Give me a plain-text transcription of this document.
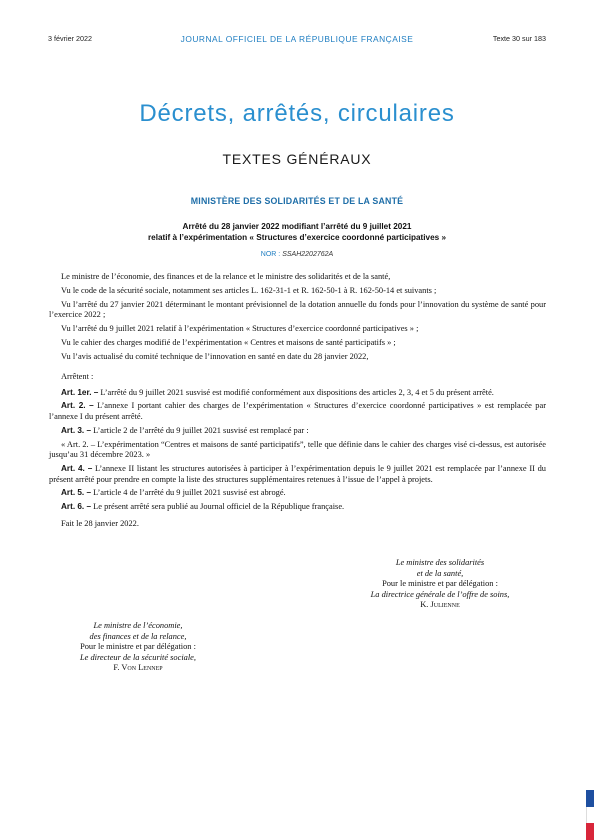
3 février 2022	JOURNAL OFFICIEL DE LA RÉPUBLIQUE FRANÇAISE	Texte 30 sur 183
Décrets, arrêtés, circulaires
TEXTES GÉNÉRAUX
MINISTÈRE DES SOLIDARITÉS ET DE LA SANTÉ
Arrêté du 28 janvier 2022 modifiant l’arrêté du 9 juillet 2021
relatif à l’expérimentation « Structures d’exercice coordonné participatives »
NOR : SSAH2202762A

Le ministre de l’économie, des finances et de la relance et le ministre des solidarités et de la santé,

Vu le code de la sécurité sociale, notamment ses articles L. 162-31-1 et R. 162-50-1 à R. 162-50-14 et suivants ;

Vu l’arrêté du 27 janvier 2021 déterminant le montant prévisionnel de la dotation annuelle du fonds pour l’innovation du système de santé pour l’exercice 2022 ;

Vu l’arrêté du 9 juillet 2021 relatif à l’expérimentation « Structures d’exercice coordonné participatives » ;

Vu le cahier des charges modifié de l’expérimentation « Centres et maisons de santé participatifs » ;

Vu l’avis actualisé du comité technique de l’innovation en santé en date du 28 janvier 2022,

Arrêtent :

Art. 1er. – L’arrêté du 9 juillet 2021 susvisé est modifié conformément aux dispositions des articles 2, 3, 4 et 5 du présent arrêté.

Art. 2. – L’annexe I portant cahier des charges de l’expérimentation « Structures d’exercice coordonné participatives » est remplacée par l’annexe I du présent arrêté.

Art. 3. – L’article 2 de l’arrêté du 9 juillet 2021 susvisé est remplacé par :

« Art. 2. – L’expérimentation “Centres et maisons de santé participatifs”, telle que définie dans le cahier des charges visé ci-dessus, est autorisée jusqu’au 31 décembre 2023. »

Art. 4. – L’annexe II listant les structures autorisées à participer à l’expérimentation depuis le 9 juillet 2021 est remplacée par l’annexe II du présent arrêté pour prendre en compte la liste des structures supplémentaires retenues à l’issue de l’appel à projets.

Art. 5. – L’article 4 de l’arrêté du 9 juillet 2021 susvisé est abrogé.

Art. 6. – Le présent arrêté sera publié au Journal officiel de la République française.

Fait le 28 janvier 2022.

Le ministre des solidarités
et de la santé,
Pour le ministre et par délégation :
La directrice générale de l’offre de soins,
K. Julienne
Le ministre de l’économie,
des finances et de la relance,
Pour le ministre et par délégation :
Le directeur de la sécurité sociale,
F. Von Lennep
